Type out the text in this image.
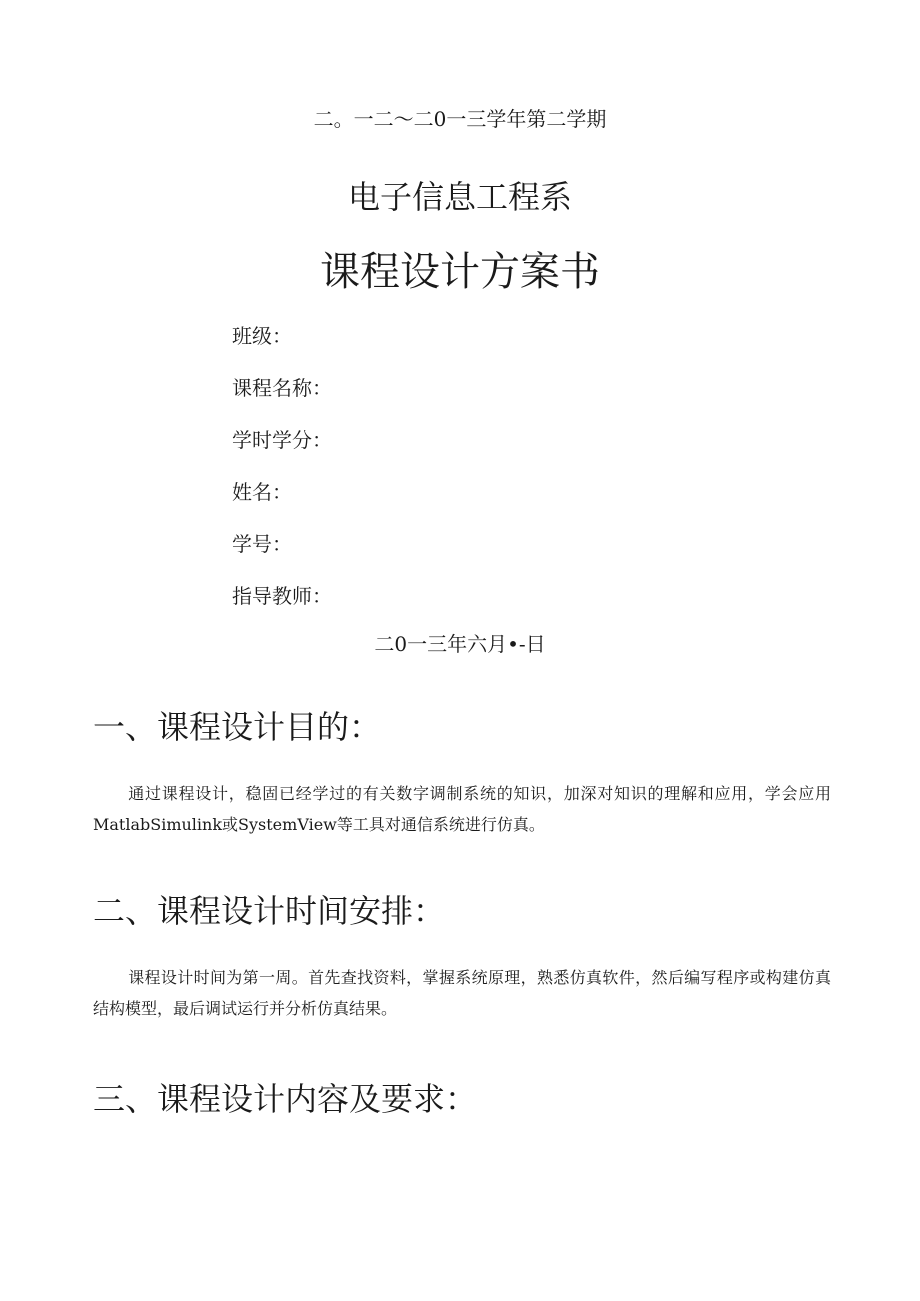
二。一二～二0一三学年第二学期
电子信息工程系
课程设计方案书
班级：
课程名称：
学时学分：
姓名：
学号：
指导教师：
二0一三年六月•-日
一、课程设计目的：
通过课程设计，稳固已经学过的有关数字调制系统的知识，加深对知识的理解和应用，学会应用MatlabSimulink或SystemView等工具对通信系统进行仿真。
二、课程设计时间安排：
课程设计时间为第一周。首先查找资料，掌握系统原理，熟悉仿真软件，然后编写程序或构建仿真结构模型，最后调试运行并分析仿真结果。
三、课程设计内容及要求：
